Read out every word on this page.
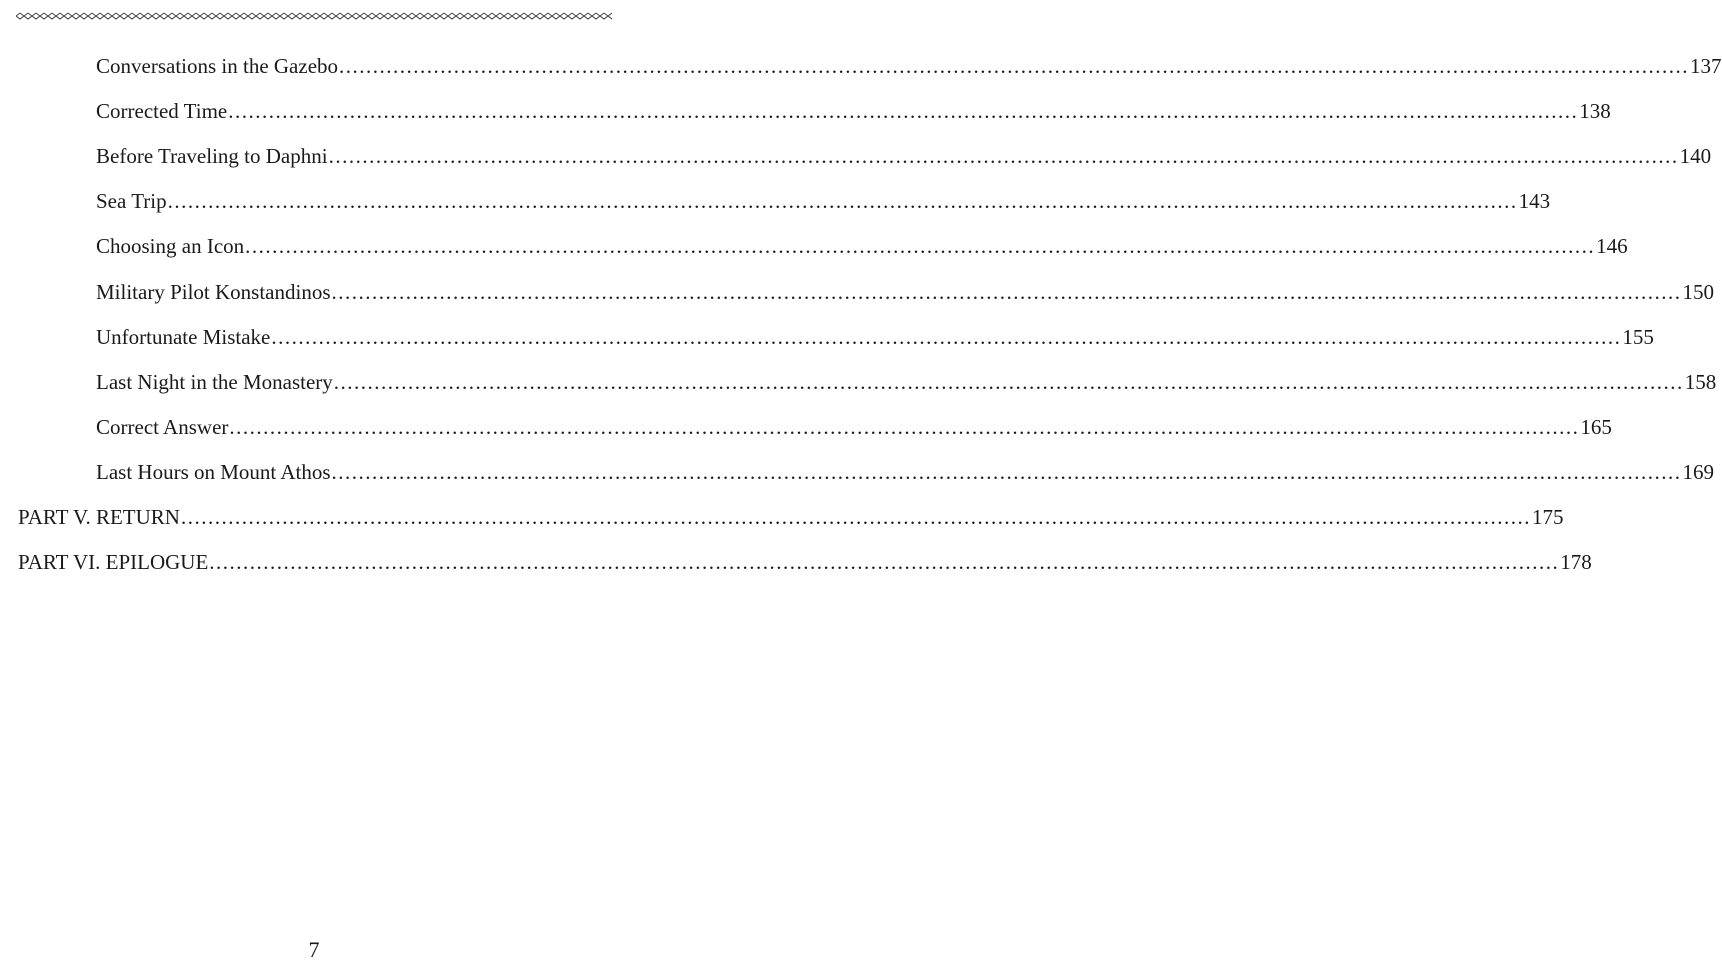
Conversations in the Gazebo ........................................................................................................................................................................................................ 137
Corrected Time ........................................................................................................................................................................................................ 138
Before Traveling to Daphni ........................................................................................................................................................................................................ 140
Sea Trip ........................................................................................................................................................................................................ 143
Choosing an Icon ........................................................................................................................................................................................................ 146
Military Pilot Konstandinos ........................................................................................................................................................................................................ 150
Unfortunate Mistake ........................................................................................................................................................................................................ 155
Last Night in the Monastery ........................................................................................................................................................................................................ 158
Correct Answer ........................................................................................................................................................................................................ 165
Last Hours on Mount Athos ........................................................................................................................................................................................................ 169
PART V. RETURN ........................................................................................................................................................................................................ 175
PART VI. EPILOGUE ........................................................................................................................................................................................................ 178
7
